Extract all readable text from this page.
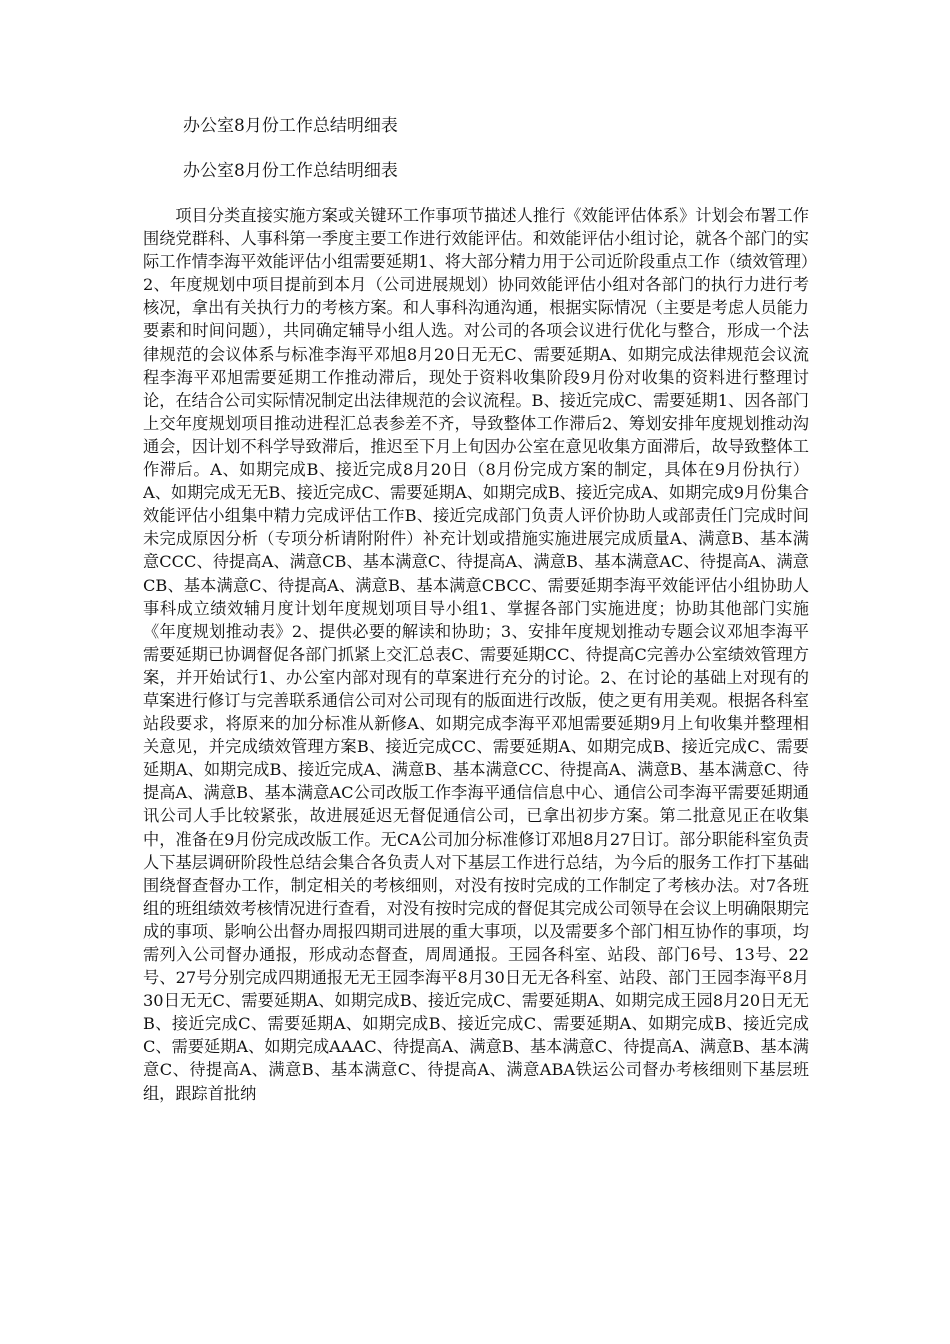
办公室8月份工作总结明细表
办公室8月份工作总结明细表

项目分类直接实施方案或关键环工作事项节描述人推行《效能评估体系》计划会布署工作围绕党群科、人事科第一季度主要工作进行效能评估。和效能评估小组讨论，就各个部门的实际工作情李海平效能评估小组需要延期1、将大部分精力用于公司近阶段重点工作（绩效管理）2、年度规划中项目提前到本月（公司进展规划）协同效能评估小组对各部门的执行力进行考核况，拿出有关执行力的考核方案。和人事科沟通沟通，根据实际情况（主要是考虑人员能力要素和时间问题），共同确定辅导小组人选。对公司的各项会议进行优化与整合，形成一个法律规范的会议体系与标准李海平邓旭8月20日无无C、需要延期A、如期完成法律规范会议流程李海平邓旭需要延期工作推动滞后，现处于资料收集阶段9月份对收集的资料进行整理讨论，在结合公司实际情况制定出法律规范的会议流程。B、接近完成C、需要延期1、因各部门上交年度规划项目推动进程汇总表参差不齐，导致整体工作滞后2、筹划安排年度规划推动沟通会，因计划不科学导致滞后，推迟至下月上旬因办公室在意见收集方面滞后，故导致整体工作滞后。A、如期完成B、接近完成8月20日（8月份完成方案的制定，具体在9月份执行）A、如期完成无无B、接近完成C、需要延期A、如期完成B、接近完成A、如期完成9月份集合效能评估小组集中精力完成评估工作B、接近完成部门负责人评价协助人或部责任门完成时间未完成原因分析（专项分析请附附件）补充计划或措施实施进展完成质量A、满意B、基本满意CCC、待提高A、满意CB、基本满意C、待提高A、满意B、基本满意AC、待提高A、满意CB、基本满意C、待提高A、满意B、基本满意CBCC、需要延期李海平效能评估小组协助人事科成立绩效辅月度计划年度规划项目导小组1、掌握各部门实施进度；协助其他部门实施《年度规划推动表》2、提供必要的解读和协助；3、安排年度规划推动专题会议邓旭李海平需要延期已协调督促各部门抓紧上交汇总表C、需要延期CC、待提高C完善办公室绩效管理方案，并开始试行1、办公室内部对现有的草案进行充分的讨论。2、在讨论的基础上对现有的草案进行修订与完善联系通信公司对公司现有的版面进行改版，使之更有用美观。根据各科室站段要求，将原来的加分标准从新修A、如期完成李海平邓旭需要延期9月上旬收集并整理相关意见，并完成绩效管理方案B、接近完成CC、需要延期A、如期完成B、接近完成C、需要延期A、如期完成B、接近完成A、满意B、基本满意CC、待提高A、满意B、基本满意C、待提高A、满意B、基本满意AC公司改版工作李海平通信信息中心、通信公司李海平需要延期通讯公司人手比较紧张，故进展延迟无督促通信公司，已拿出初步方案。第二批意见正在收集中，准备在9月份完成改版工作。无CA公司加分标准修订邓旭8月27日订。部分职能科室负责人下基层调研阶段性总结会集合各负责人对下基层工作进行总结，为今后的服务工作打下基础围绕督查督办工作，制定相关的考核细则，对没有按时完成的工作制定了考核办法。对7各班组的班组绩效考核情况进行查看，对没有按时完成的督促其完成公司领导在会议上明确限期完成的事项、影响公出督办周报四期司进展的重大事项，以及需要多个部门相互协作的事项，均需列入公司督办通报，形成动态督查，周周通报。王园各科室、站段、部门6号、13号、22号、27号分别完成四期通报无无王园李海平8月30日无无各科室、站段、部门王园李海平8月30日无无C、需要延期A、如期完成B、接近完成C、需要延期A、如期完成王园8月20日无无B、接近完成C、需要延期A、如期完成B、接近完成C、需要延期A、如期完成B、接近完成C、需要延期A、如期完成AAAC、待提高A、满意B、基本满意C、待提高A、满意B、基本满意C、待提高A、满意B、基本满意C、待提高A、满意ABA铁运公司督办考核细则下基层班组，跟踪首批纳
